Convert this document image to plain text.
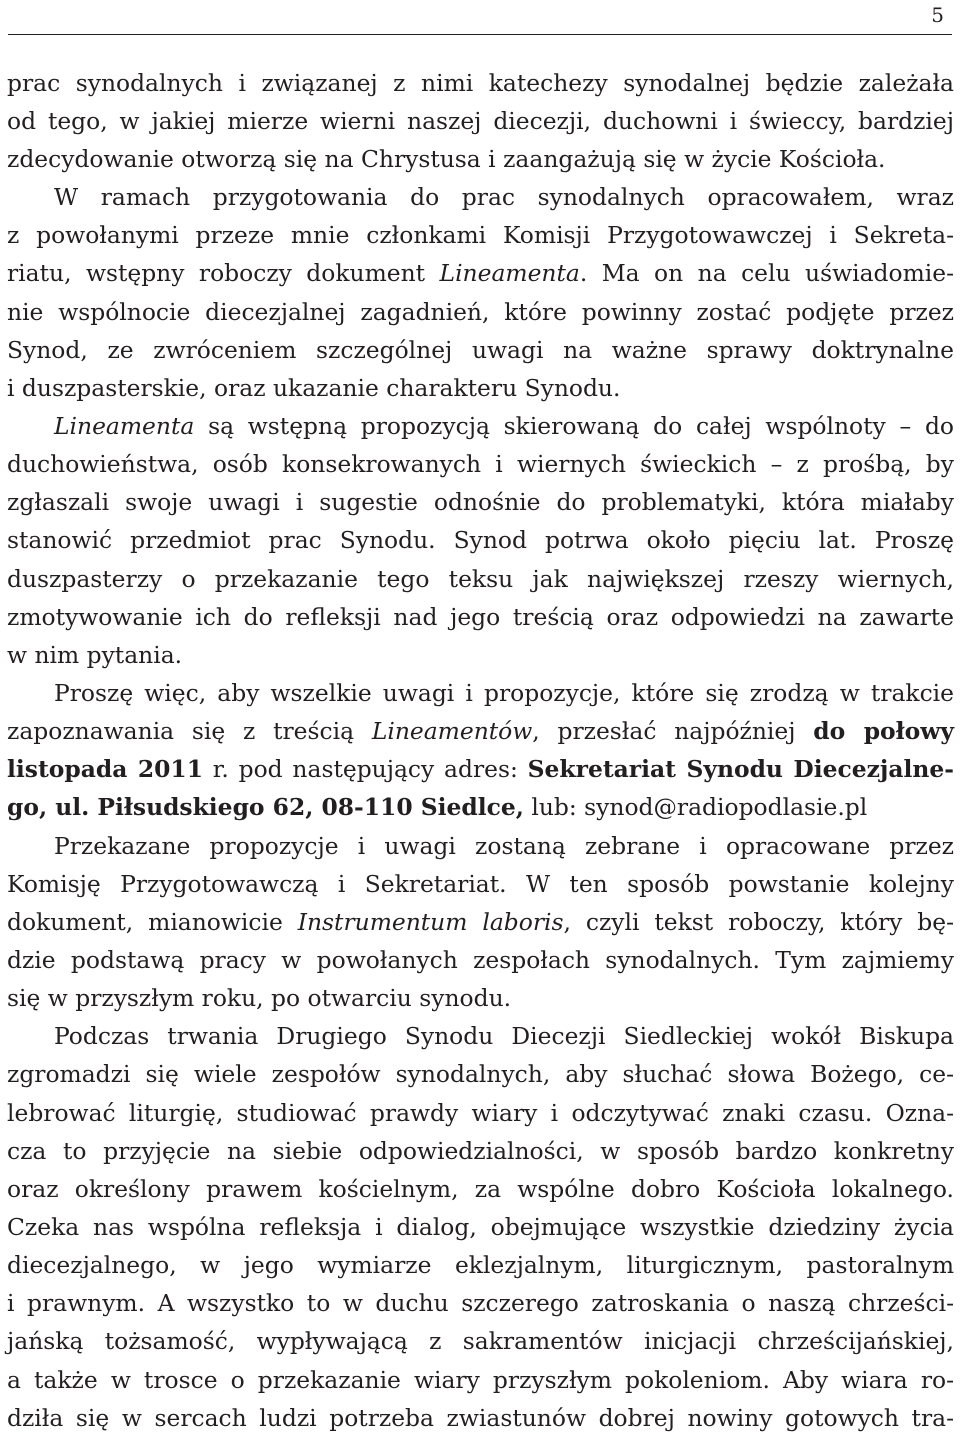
5
prac synodalnych i związanej z nimi katechezy synodalnej będzie zależała
od tego, w jakiej mierze wierni naszej diecezji, duchowni i świeccy, bardziej
zdecydowanie otworzą się na Chrystusa i zaangażują się w życie Kościoła.
W ramach przygotowania do prac synodalnych opracowałem, wraz
z powołanymi przeze mnie członkami Komisji Przygotowawczej i Sekreta-
riatu, wstępny roboczy dokument Lineamenta. Ma on na celu uświadomie-
nie wspólnocie diecezjalnej zagadnień, które powinny zostać podjęte przez
Synod, ze zwróceniem szczególnej uwagi na ważne sprawy doktrynalne
i duszpasterskie, oraz ukazanie charakteru Synodu.
Lineamenta są wstępną propozycją skierowaną do całej wspólnoty – do
duchowieństwa, osób konsekrowanych i wiernych świeckich – z prośbą, by
zgłaszali swoje uwagi i sugestie odnośnie do problematyki, która miałaby
stanowić przedmiot prac Synodu. Synod potrwa około pięciu lat. Proszę
duszpasterzy o przekazanie tego teksu jak największej rzeszy wiernych,
zmotywowanie ich do refleksji nad jego treścią oraz odpowiedzi na zawarte
w nim pytania.
Proszę więc, aby wszelkie uwagi i propozycje, które się zrodzą w trakcie
zapoznawania się z treścią Lineamentów, przesłać najpóźniej do połowy
listopada 2011 r. pod następujący adres: Sekretariat Synodu Diecezjalne-
go, ul. Piłsudskiego 62, 08-110 Siedlce, lub: synod@radiopodlasie.pl
Przekazane propozycje i uwagi zostaną zebrane i opracowane przez
Komisję Przygotowawczą i Sekretariat. W ten sposób powstanie kolejny
dokument, mianowicie Instrumentum laboris, czyli tekst roboczy, który bę-
dzie podstawą pracy w powołanych zespołach synodalnych. Tym zajmiemy
się w przyszłym roku, po otwarciu synodu.
Podczas trwania Drugiego Synodu Diecezji Siedleckiej wokół Biskupa
zgromadzi się wiele zespołów synodalnych, aby słuchać słowa Bożego, ce-
lebrować liturgię, studiować prawdy wiary i odczytywać znaki czasu. Ozna-
cza to przyjęcie na siebie odpowiedzialności, w sposób bardzo konkretny
oraz określony prawem kościelnym, za wspólne dobro Kościoła lokalnego.
Czeka nas wspólna refleksja i dialog, obejmujące wszystkie dziedziny życia
diecezjalnego, w jego wymiarze eklezjalnym, liturgicznym, pastoralnym
i prawnym. A wszystko to w duchu szczerego zatroskania o naszą chrześci-
jańską tożsamość, wypływającą z sakramentów inicjacji chrześcijańskiej,
a także w trosce o przekazanie wiary przyszłym pokoleniom. Aby wiara ro-
dziła się w sercach ludzi potrzeba zwiastunów dobrej nowiny gotowych tra-
